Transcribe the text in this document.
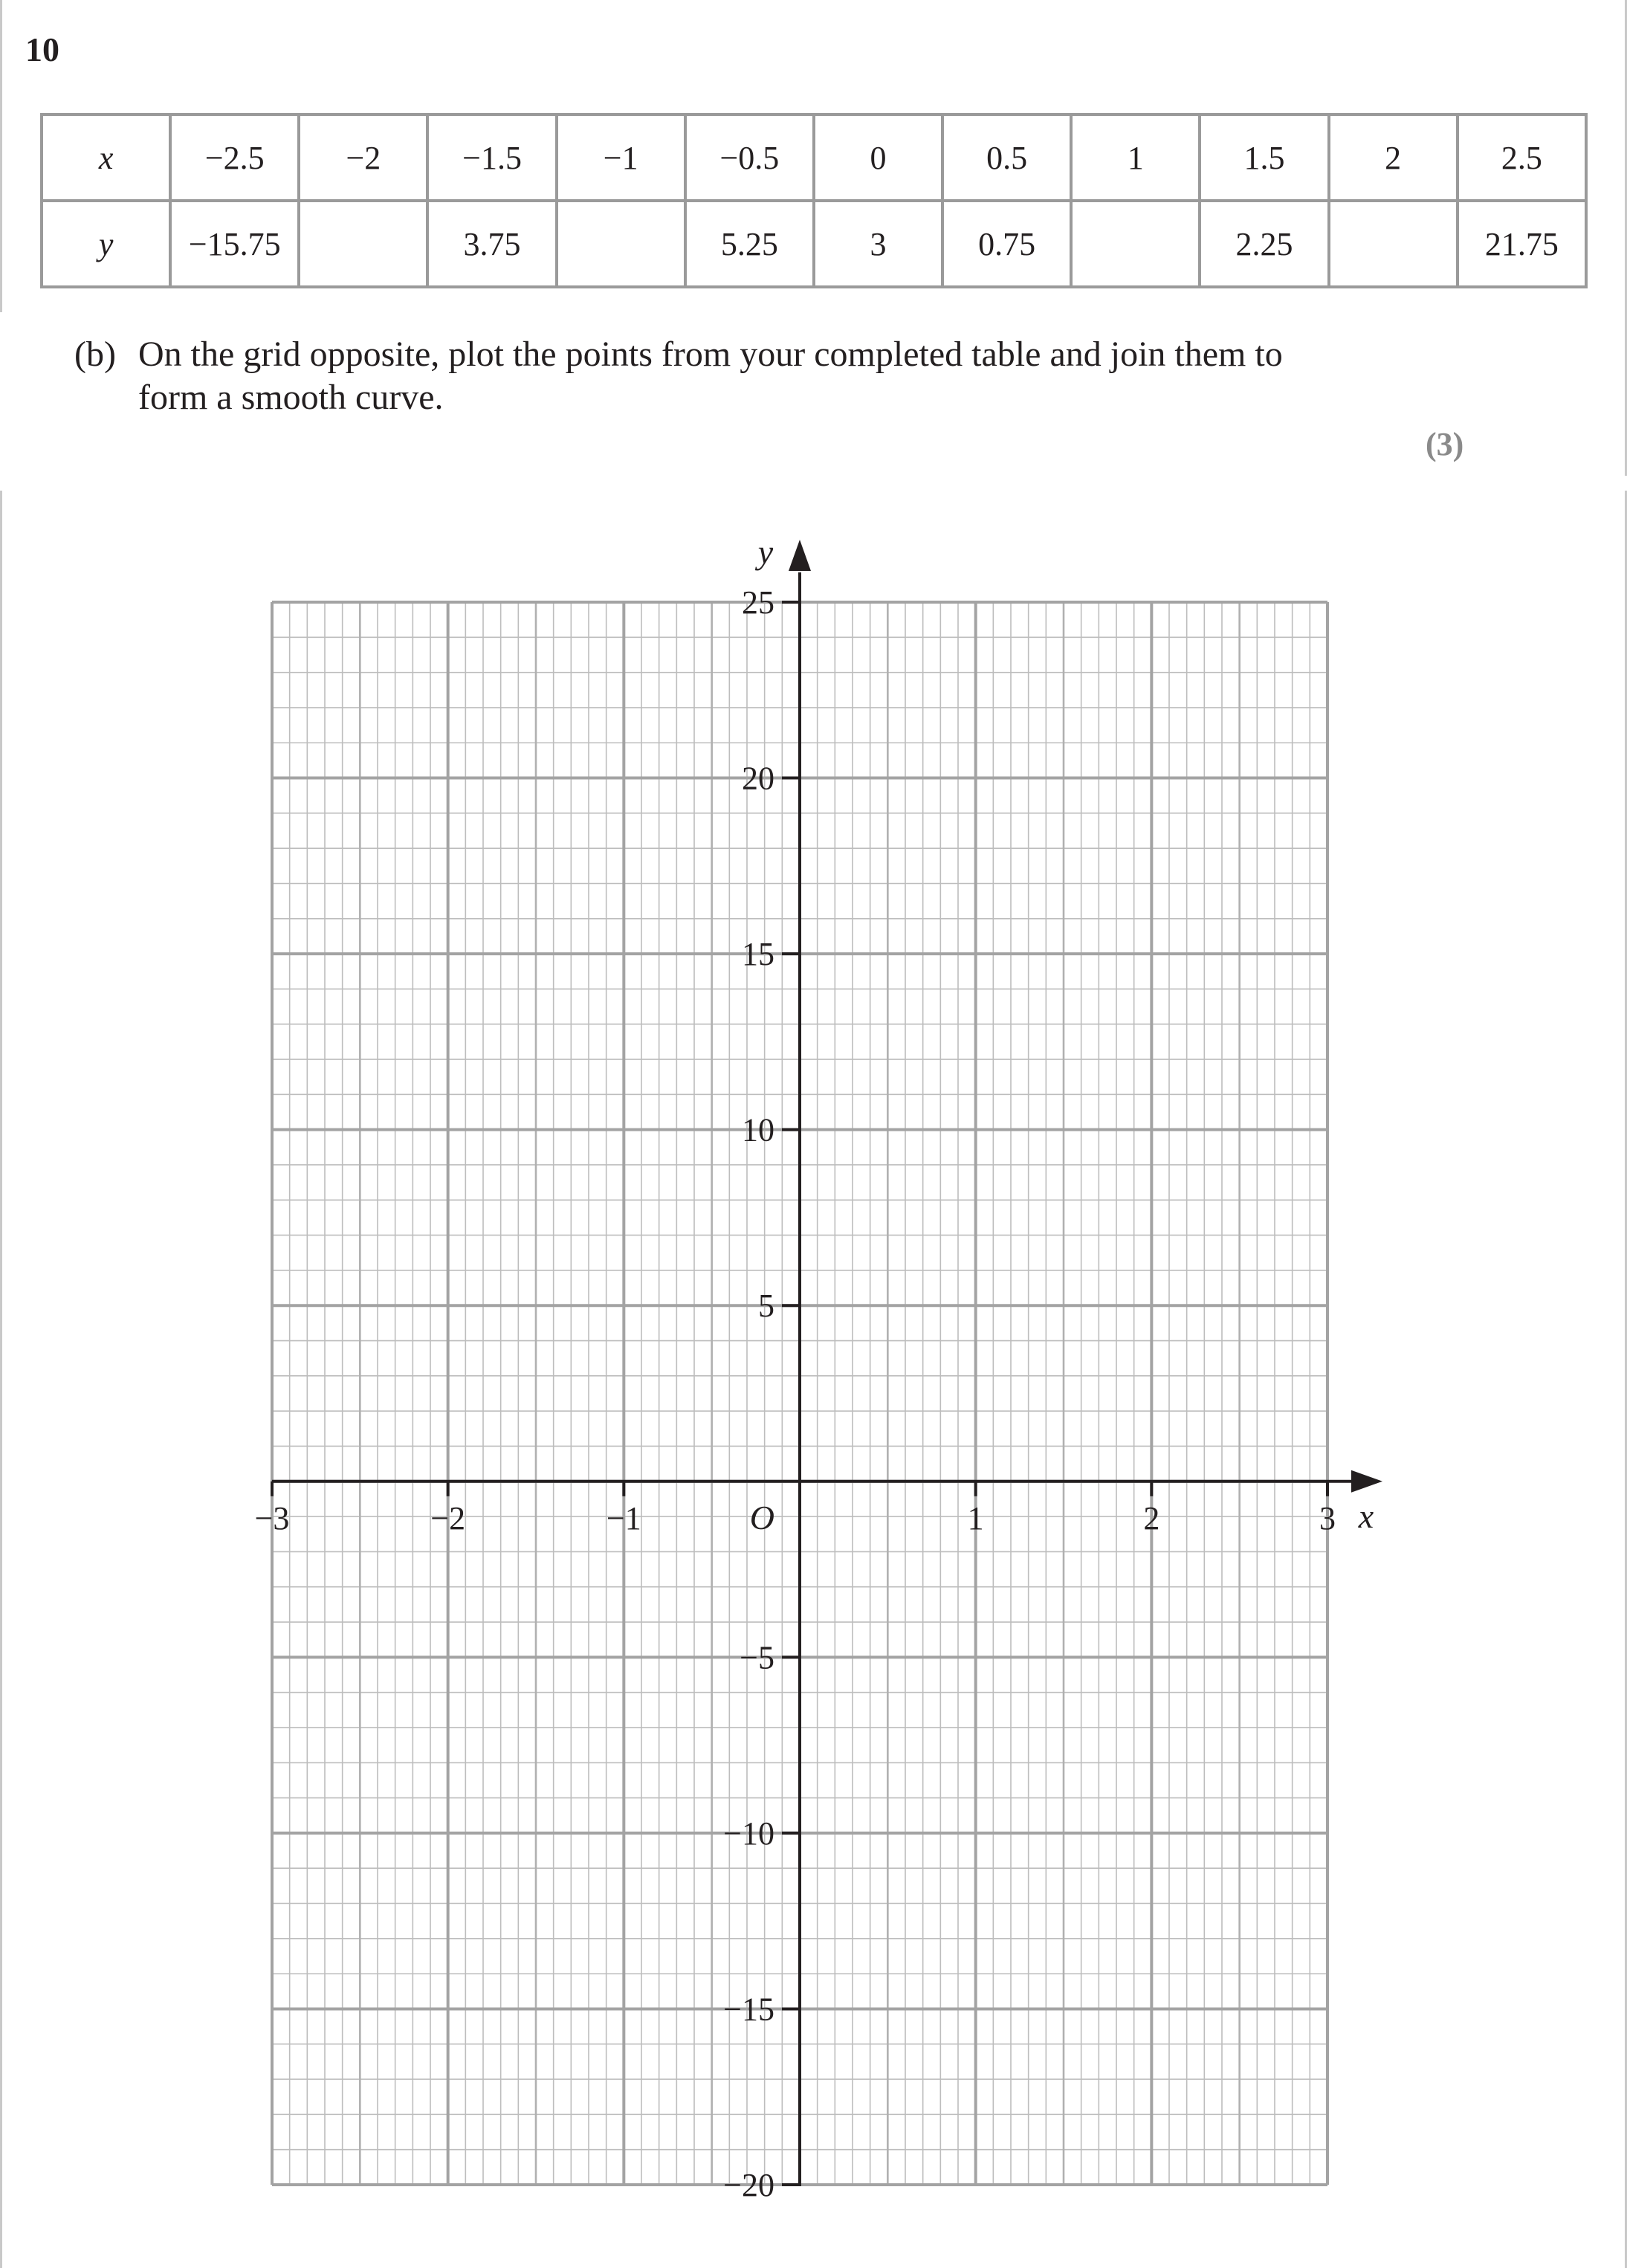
10
x	−2.5	−2	−1.5	−1	−0.5	0	0.5	1	1.5	2	2.5
y	−15.75		3.75		5.25	3	0.75		2.25		21.75

(b) On the grid opposite, plot the points from your completed table and join them to
form a smooth curve.

(3)
−3	−2	−1	1	2	3
−20
−15
−10
−5
5
10
15
20
25
O	x
y
